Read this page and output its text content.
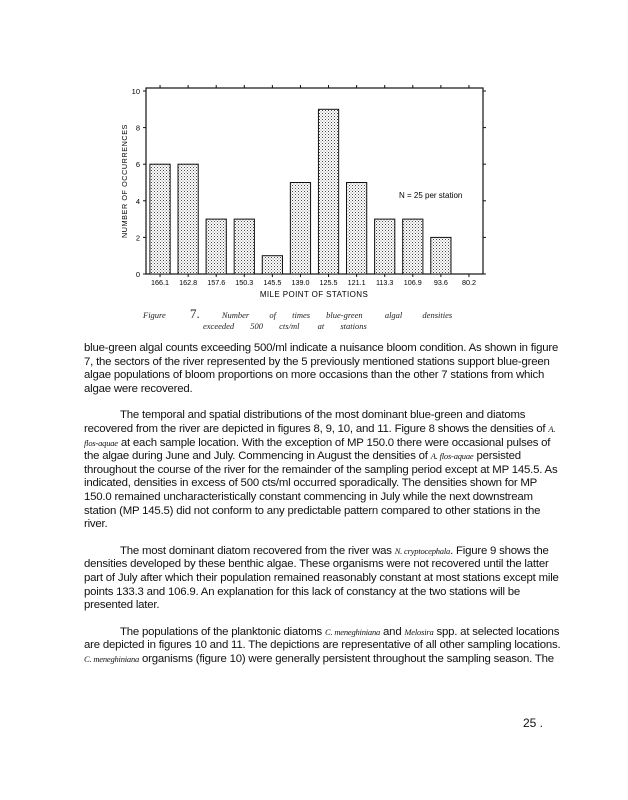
0
2
4
6
8
10
166.1 162.8 157.6 150.3 145.5 139.0 125.5 121.1 113.3 106.9 93.6 80.2
NUMBER OF OCCURRENCES
MILE POINT OF STATIONS
N = 25 per station
Figure 7.	Number of times blue-green	algal densities
exceeded 500 cts/ml at stations

blue-green algal counts exceeding 500/ml indicate a nuisance bloom condition. As shown in figure 7, the sectors of the river represented by the 5 previously mentioned stations support blue-green algae populations of bloom proportions on more occasions than the other 7 stations from which algae were recovered.

The temporal and spatial distributions of the most dominant blue-green and diatoms recovered from the river are depicted in figures 8, 9, 10, and 11. Figure 8 shows the densities of A. flos-aquae at each sample location. With the exception of MP 150.0 there were occasional pulses of the algae during June and July. Commencing in August the densities of A. flos-aquae persisted throughout the course of the river for the remainder of the sampling period except at MP 145.5. As indicated, densities in excess of 500 cts/ml occurred sporadically. The densities shown for MP 150.0 remained uncharacteristically constant commencing in July while the next downstream station (MP 145.5) did not conform to any predictable pattern compared to other stations in the river.

The most dominant diatom recovered from the river was N. cryptocephala. Figure 9 shows the densities developed by these benthic algae. These organisms were not recovered until the latter part of July after which their population remained reasonably constant at most stations except mile points 133.3 and 106.9. An explanation for this lack of constancy at the two stations will be presented later.

The populations of the planktonic diatoms C. meneghiniana and Melosira spp. at selected locations are depicted in figures 10 and 11. The depictions are representative of all other sampling locations. C. meneghiniana organisms (figure 10) were generally persistent throughout the sampling season. The

25 .
